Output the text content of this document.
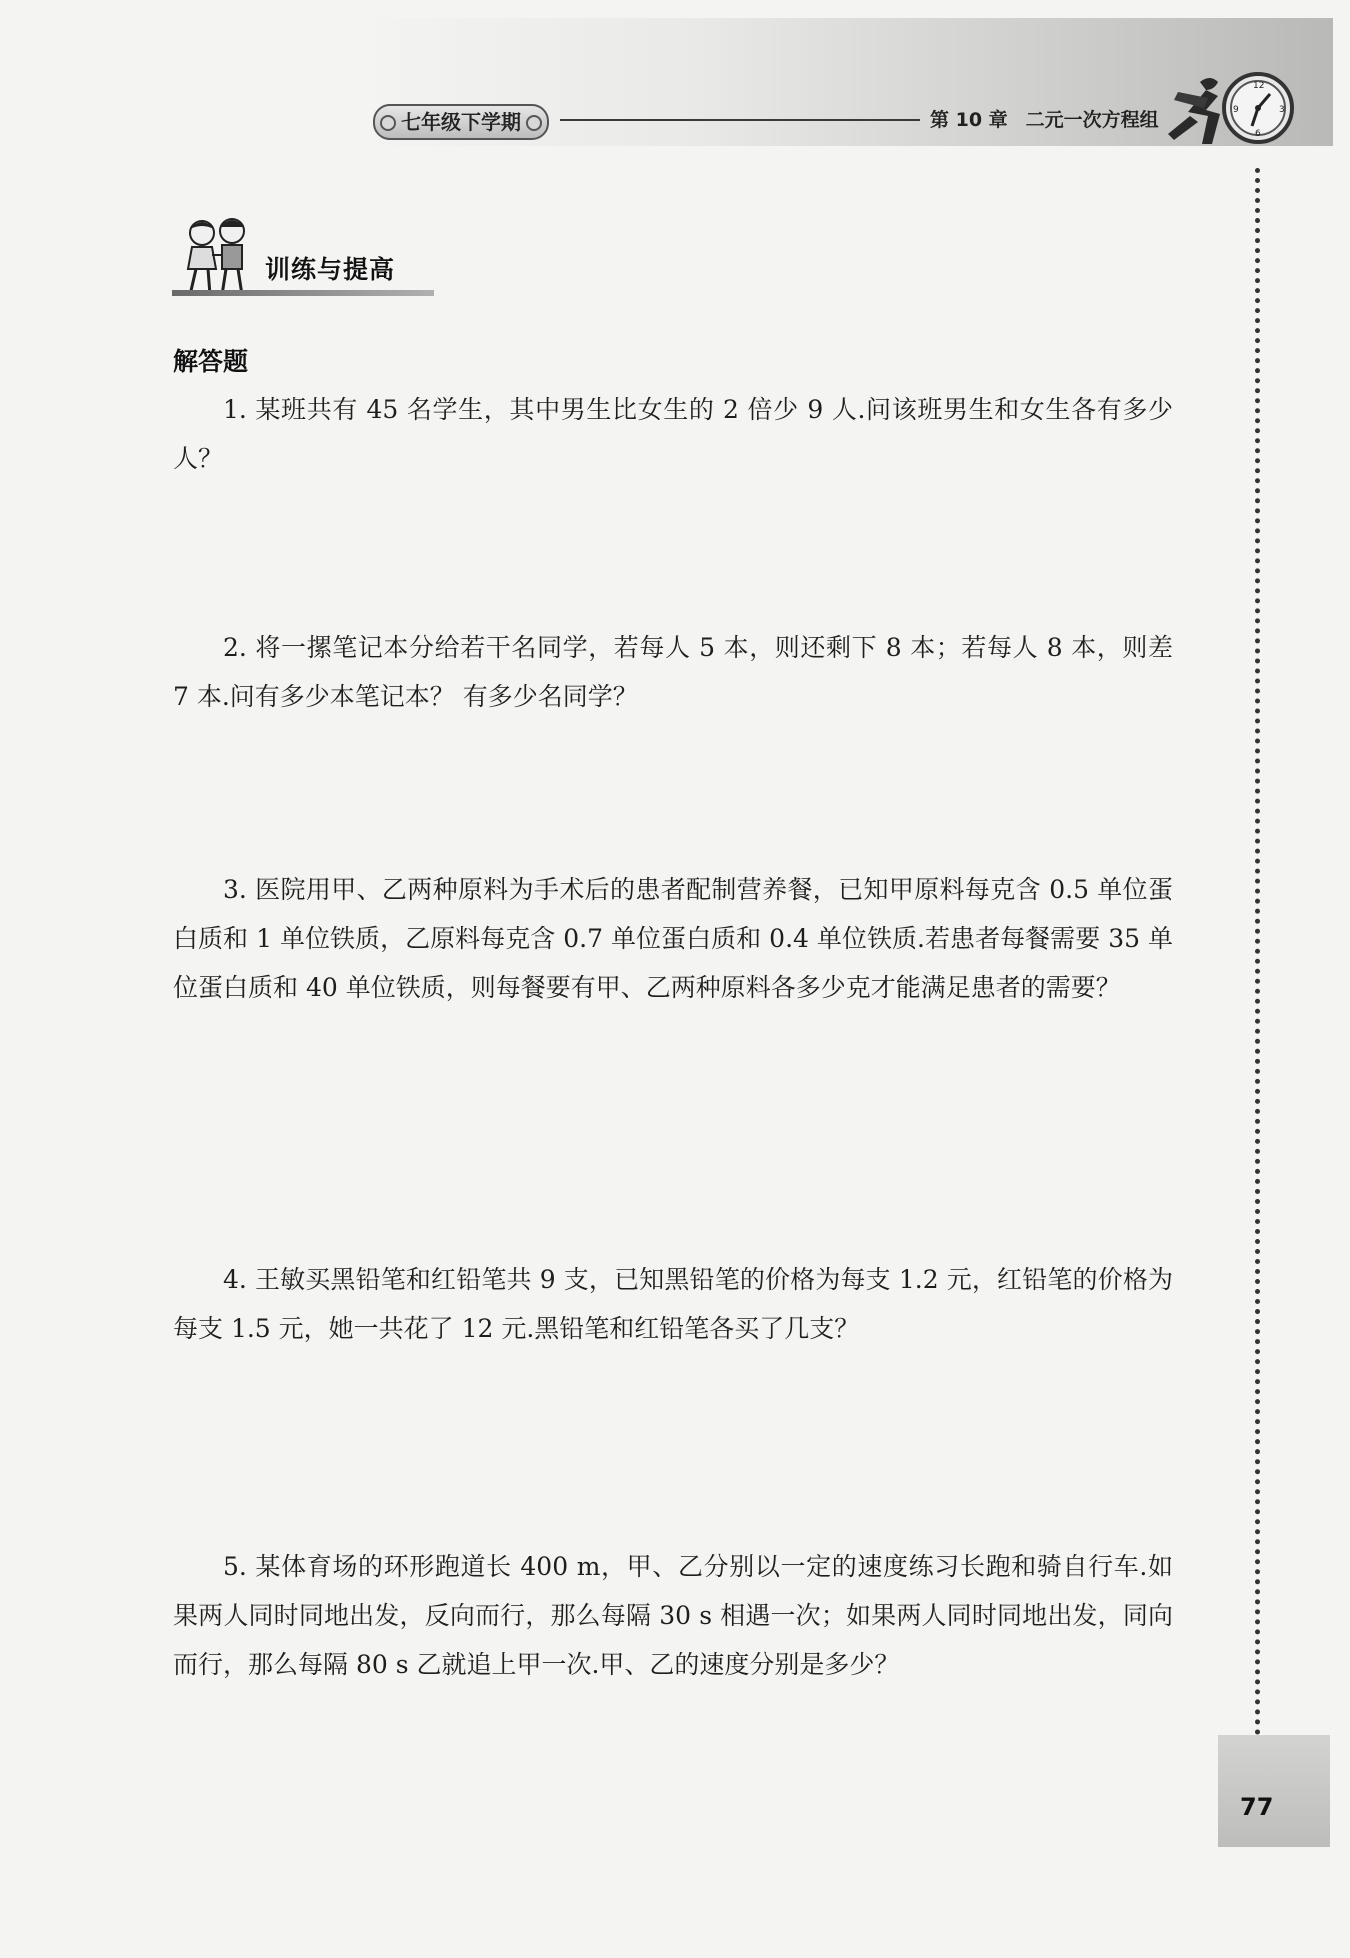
七年级下学期	第 10 章 二元一次方程组
12
3
6
9
77
训练与提高
解答题
1. 某班共有 45 名学生，其中男生比女生的 2 倍少 9 人.问该班男生和女生各有多少人？
2. 将一摞笔记本分给若干名同学，若每人 5 本，则还剩下 8 本；若每人 8 本，则差 7 本.问有多少本笔记本？ 有多少名同学？
3. 医院用甲、乙两种原料为手术后的患者配制营养餐，已知甲原料每克含 0.5 单位蛋白质和 1 单位铁质，乙原料每克含 0.7 单位蛋白质和 0.4 单位铁质.若患者每餐需要 35 单位蛋白质和 40 单位铁质，则每餐要有甲、乙两种原料各多少克才能满足患者的需要？
4. 王敏买黑铅笔和红铅笔共 9 支，已知黑铅笔的价格为每支 1.2 元，红铅笔的价格为每支 1.5 元，她一共花了 12 元.黑铅笔和红铅笔各买了几支？
5. 某体育场的环形跑道长 400 m，甲、乙分别以一定的速度练习长跑和骑自行车.如果两人同时同地出发，反向而行，那么每隔 30 s 相遇一次；如果两人同时同地出发，同向而行，那么每隔 80 s 乙就追上甲一次.甲、乙的速度分别是多少？
